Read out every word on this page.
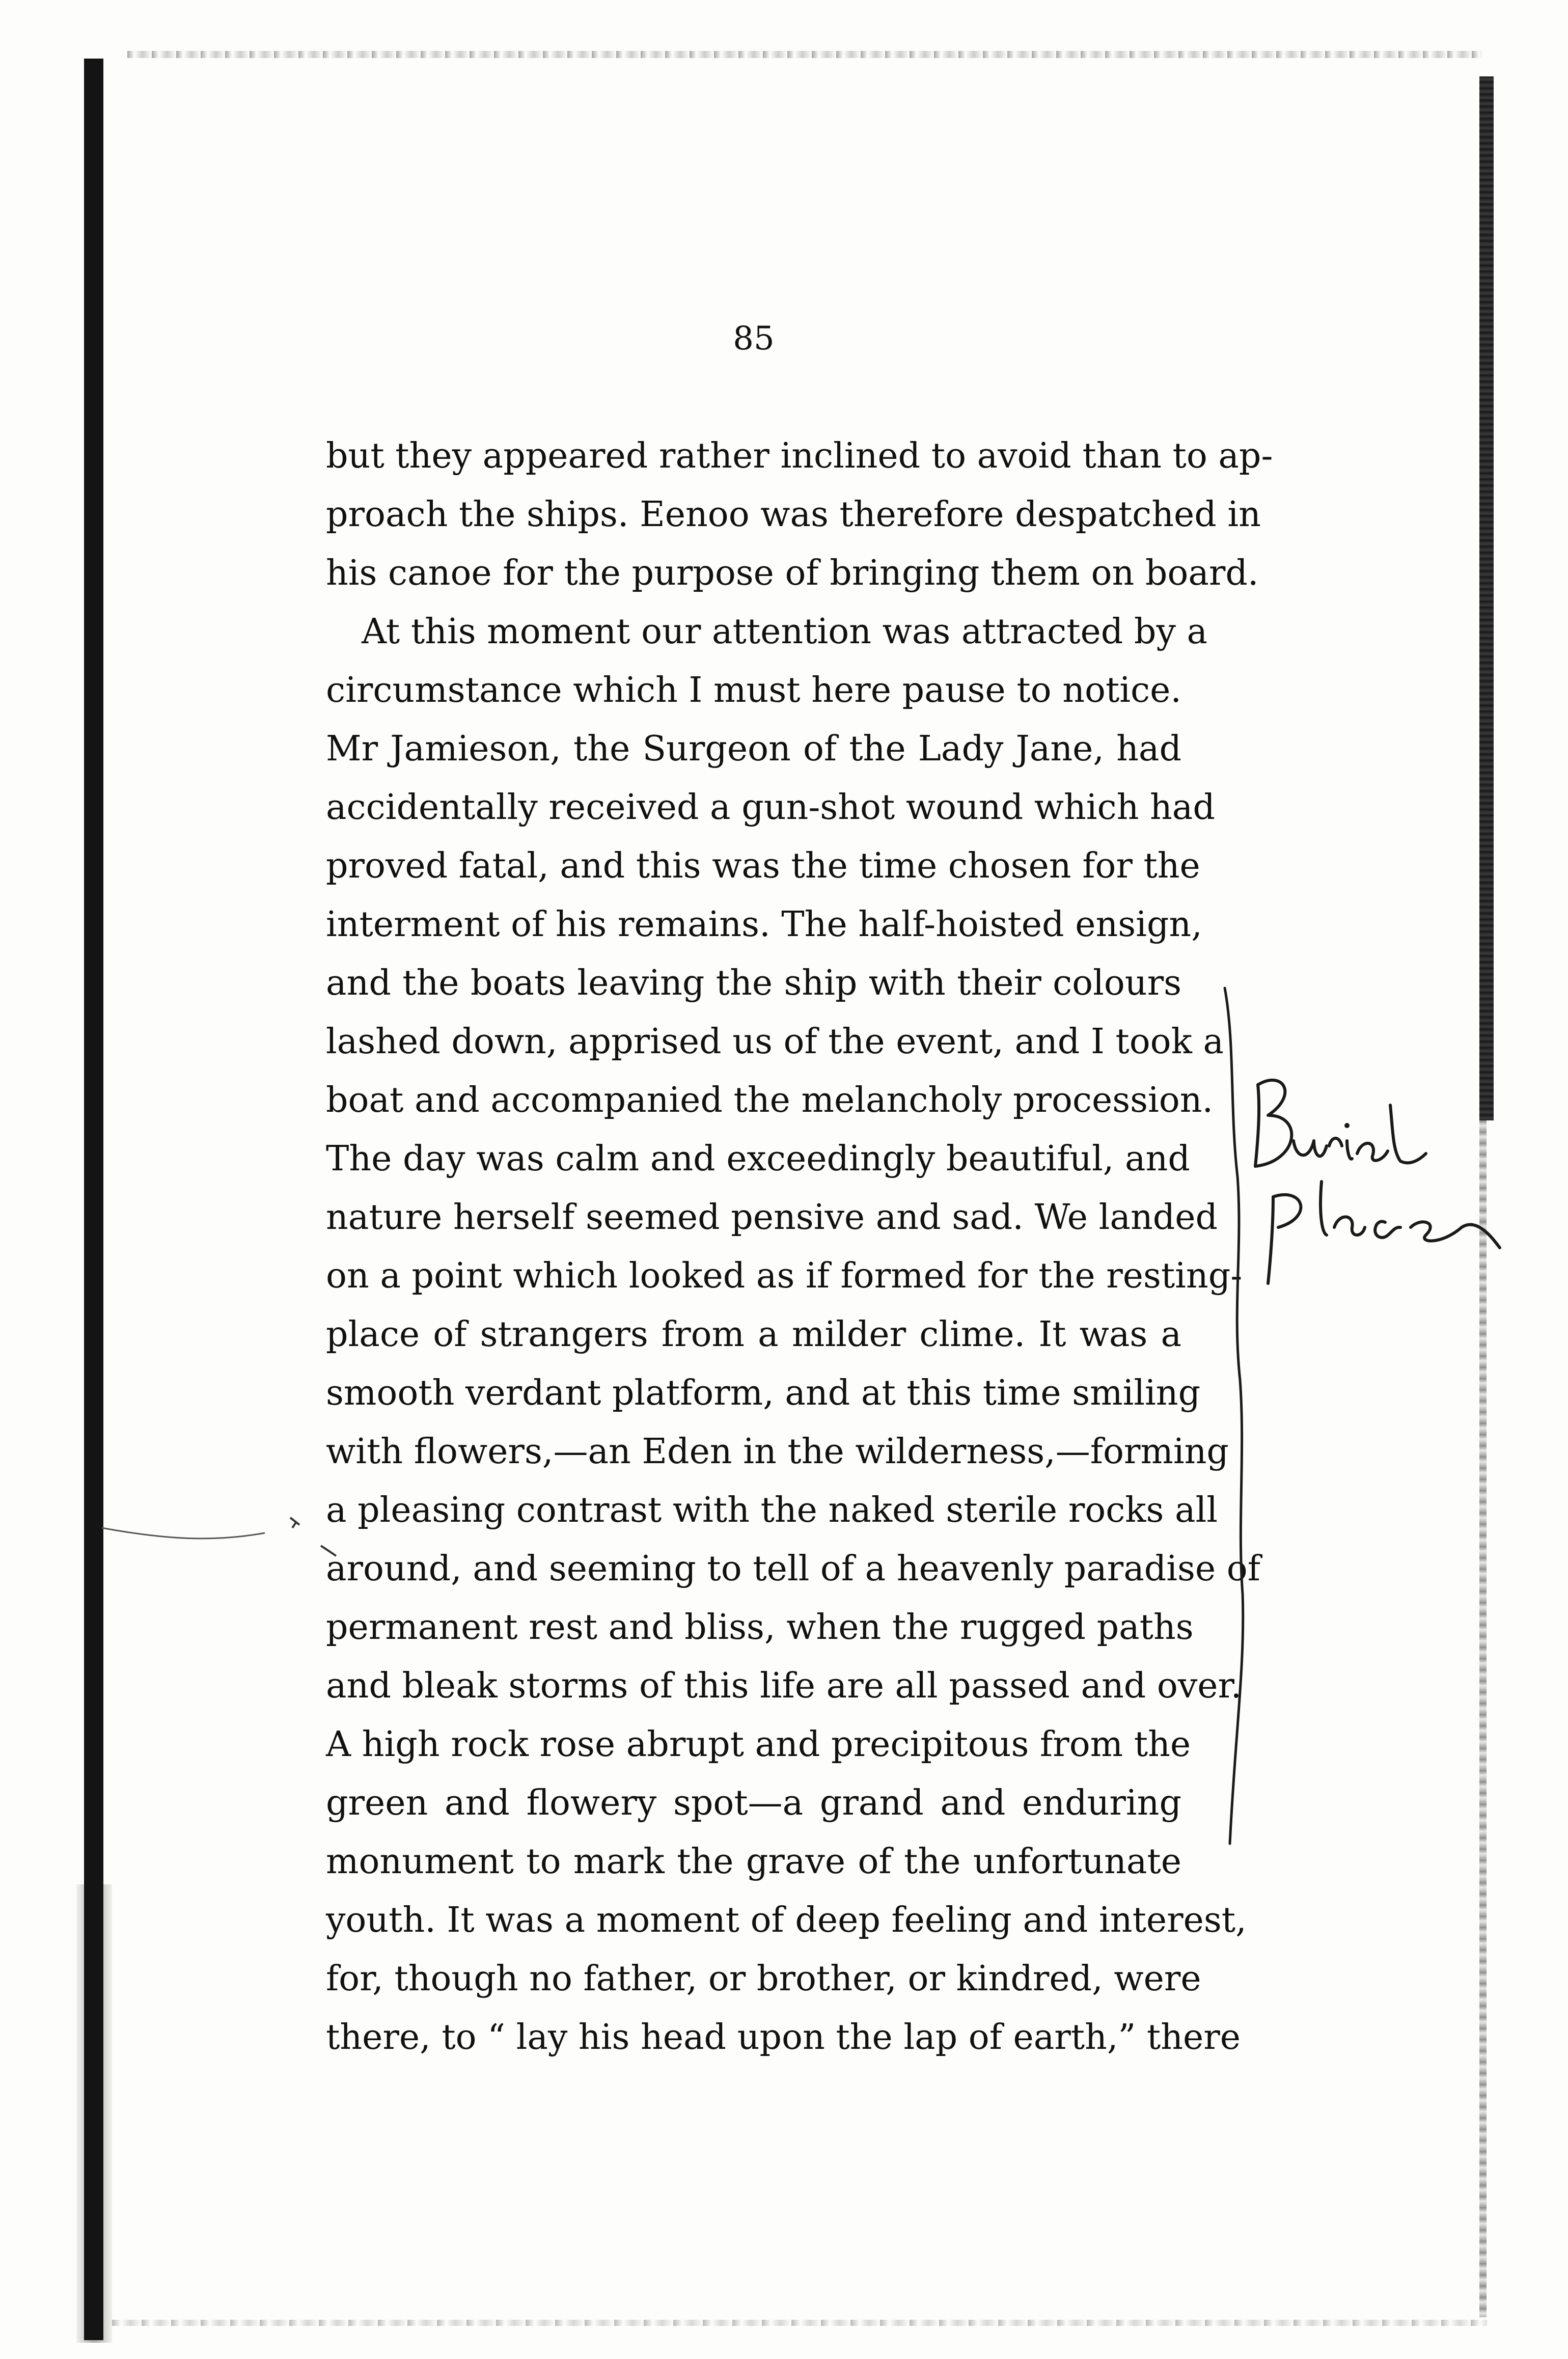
85
but they appeared rather inclined to avoid than to ap-
proach the ships. Eenoo was therefore despatched in
his canoe for the purpose of bringing them on board.
At this moment our attention was attracted by a
circumstance which I must here pause to notice.
Mr Jamieson, the Surgeon of the Lady Jane, had
accidentally received a gun-shot wound which had
proved fatal, and this was the time chosen for the
interment of his remains. The half-hoisted ensign,
and the boats leaving the ship with their colours
lashed down, apprised us of the event, and I took a
boat and accompanied the melancholy procession.
The day was calm and exceedingly beautiful, and
nature herself seemed pensive and sad. We landed
on a point which looked as if formed for the resting-
place of strangers from a milder clime. It was a
smooth verdant platform, and at this time smiling
with flowers,—an Eden in the wilderness,—forming
a pleasing contrast with the naked sterile rocks all
around, and seeming to tell of a heavenly paradise of
permanent rest and bliss, when the rugged paths
and bleak storms of this life are all passed and over.
A high rock rose abrupt and precipitous from the
green and flowery spot—a grand and enduring
monument to mark the grave of the unfortunate
youth. It was a moment of deep feeling and interest,
for, though no father, or brother, or kindred, were
there, to “ lay his head upon the lap of earth,” there
